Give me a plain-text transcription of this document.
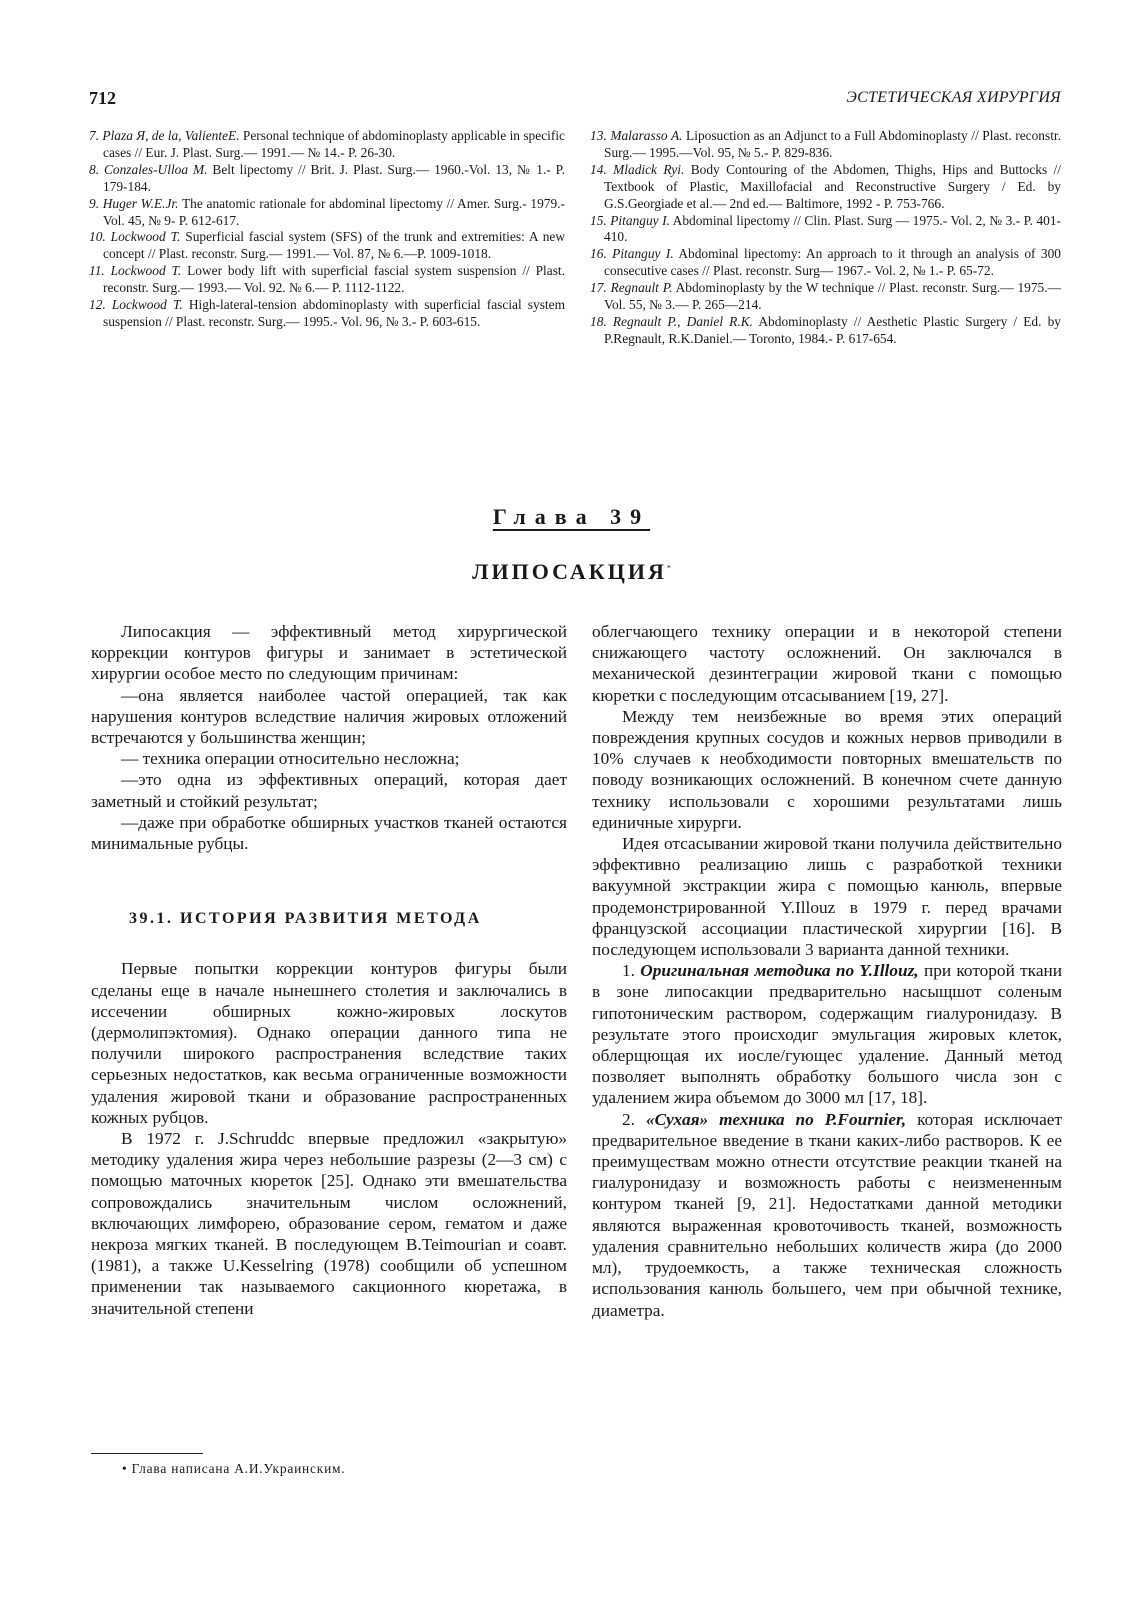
712	ЭСТЕТИЧЕСКАЯ ХИРУРГИЯ

7. Plaza Я, de la, ValienteE. Personal technique of abdominoplasty applicable in specific cases // Eur. J. Plast. Surg.— 1991.— № 14.- P. 26-30.

8. Conzales-Ulloa M. Belt lipectomy // Brit. J. Plast. Surg.— 1960.-Vol. 13, № 1.- P. 179-184.

9. Huger W.E.Jr. The anatomic rationale for abdominal lipectomy // Amer. Surg.- 1979.- Vol. 45, № 9- P. 612-617.

10. Lockwood T. Superficial fascial system (SFS) of the trunk and extremities: A new concept // Plast. reconstr. Surg.— 1991.— Vol. 87, № 6.—P. 1009-1018.

11. Lockwood T. Lower body lift with superficial fascial system suspension // Plast. reconstr. Surg.— 1993.— Vol. 92. № 6.— P. 1112-1122.

12. Lockwood T. High-lateral-tension abdominoplasty with superficial fascial system suspension // Plast. reconstr. Surg.— 1995.- Vol. 96, № 3.- P. 603-615.

13. Malarasso A. Liposuction as an Adjunct to a Full Abdominoplasty // Plast. reconstr. Surg.— 1995.—Vol. 95, № 5.- P. 829-836.

14. Mladick Ryi. Body Contouring of the Abdomen, Thighs, Hips and Buttocks // Textbook of Plastic, Maxillofacial and Reconstructive Surgery / Ed. by G.S.Georgiade et al.— 2nd ed.— Baltimore, 1992 - P. 753-766.

15. Pitanguy I. Abdominal lipectomy // Clin. Plast. Surg — 1975.- Vol. 2, № 3.- P. 401-410.

16. Pitanguy I. Abdominal lipectomy: An approach to it through an analysis of 300 consecutive cases // Plast. reconstr. Surg— 1967.- Vol. 2, № 1.- P. 65-72.

17. Regnault P. Abdominoplasty by the W technique // Plast. reconstr. Surg.— 1975.— Vol. 55, № 3.— P. 265—214.

18. Regnault P., Daniel R.K. Abdominoplasty // Aesthetic Plastic Surgery / Ed. by P.Regnault, R.K.Daniel.— Toronto, 1984.- P. 617-654.

Глава 39
ЛИПОСАКЦИЯ*

Липосакция — эффективный метод хирургической коррекции контуров фигуры и занимает в эстетической хирургии особое место по следующим причинам:

—она является наиболее частой операцией, так как нарушения контуров вследствие наличия жировых отложений встречаются у большинства женщин;

— техника операции относительно несложна;

—это одна из эффективных операций, которая дает заметный и стойкий результат;

—даже при обработке обширных участков тканей остаются минимальные рубцы.

39.1. ИСТОРИЯ РАЗВИТИЯ МЕТОДА

Первые попытки коррекции контуров фигуры были сделаны еще в начале нынешнего столетия и заключались в иссечении обширных кожно-жировых лоскутов (дермолипэктомия). Однако операции данного типа не получили широкого распространения вследствие таких серьезных недостатков, как весьма ограниченные возможности удаления жировой ткани и образование распространенных кожных рубцов.

В 1972 г. J.Schruddc впервые предложил «закрытую» методику удаления жира через небольшие разрезы (2—3 см) с помощью маточных кюреток [25]. Однако эти вмешательства сопровождались значительным числом осложнений, включающих лимфорею, образование сером, гематом и даже некроза мягких тканей. В последующем B.Teimourian и соавт.(1981), а также U.Kesselring (1978) сообщили об успешном применении так называемого сакционного кюретажа, в значительной степени

облегчающего технику операции и в некоторой степени снижающего частоту осложнений. Он заключался в механической дезинтеграции жировой ткани с помощью кюретки с последующим отсасыванием [19, 27].

Между тем неизбежные во время этих операций повреждения крупных сосудов и кожных нервов приводили в 10% случаев к необходимости повторных вмешательств по поводу возникающих осложнений. В конечном счете данную технику использовали с хорошими результатами лишь единичные хирурги.

Идея отсасывании жировой ткани получила действительно эффективно реализацию лишь с разработкой техники вакуумной экстракции жира с помощью канюль, впервые продемонстрированной Y.Illouz в 1979 г. перед врачами французской ассоциации пластической хирургии [16]. В последующем использовали 3 варианта данной техники.

1. Оригинальная методика по Y.Illouz, при которой ткани в зоне липосакции предварительно насыщшот соленым гипотоническим раствором, содержащим гиалуронидазу. В результате этого происходиг эмульгация жировых клеток, облерщющая их иосле/гующес удаление. Данный метод позволяет выполнять обработку большого числа зон с удалением жира объемом до 3000 мл [17, 18].

2. «Сухая» техника по P.Fournier, которая исключает предварительное введение в ткани каких-либо растворов. К ее преимуществам можно отнести отсутствие реакции тканей на гиалуронидазу и возможность работы с неизмененным контуром тканей [9, 21]. Недостатками данной методики являются выраженная кровоточивость тканей, возможность удаления сравнительно небольших количеств жира (до 2000 мл), трудоемкость, а также техническая сложность использования канюль большего, чем при обычной технике, диаметра.

• Глава написана А.И.Украинским.
